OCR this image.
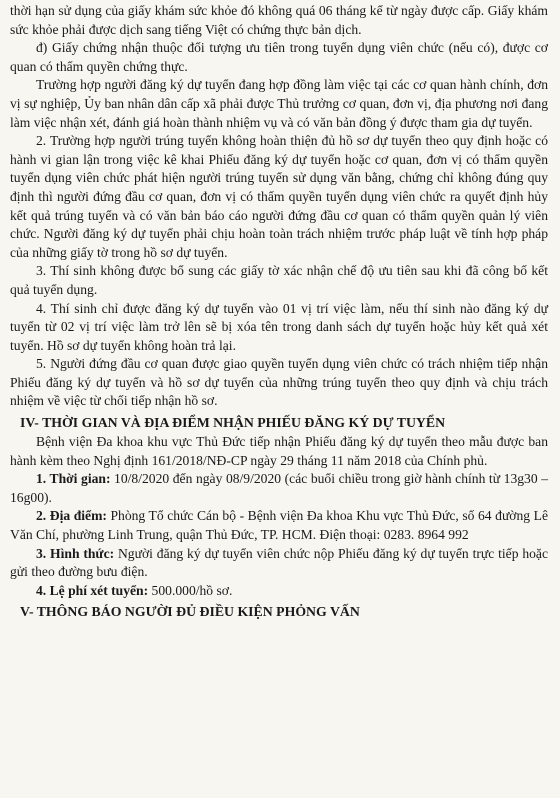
thời hạn sử dụng của giấy khám sức khỏe đó không quá 06 tháng kể từ ngày được cấp. Giấy khám sức khỏe phải được dịch sang tiếng Việt có chứng thực bản dịch.

đ) Giấy chứng nhận thuộc đối tượng ưu tiên trong tuyển dụng viên chức (nếu có), được cơ quan có thẩm quyền chứng thực.

Trường hợp người đăng ký dự tuyển đang hợp đồng làm việc tại các cơ quan hành chính, đơn vị sự nghiệp, Ủy ban nhân dân cấp xã phải được Thủ trưởng cơ quan, đơn vị, địa phương nơi đang làm việc nhận xét, đánh giá hoàn thành nhiệm vụ và có văn bản đồng ý được tham gia dự tuyển.

2. Trường hợp người trúng tuyển không hoàn thiện đủ hồ sơ dự tuyển theo quy định hoặc có hành vi gian lận trong việc kê khai Phiếu đăng ký dự tuyển hoặc cơ quan, đơn vị có thẩm quyền tuyển dụng viên chức phát hiện người trúng tuyển sử dụng văn bằng, chứng chỉ không đúng quy định thì người đứng đầu cơ quan, đơn vị có thẩm quyền tuyển dụng viên chức ra quyết định hủy kết quả trúng tuyển và có văn bản báo cáo người đứng đầu cơ quan có thẩm quyền quản lý viên chức. Người đăng ký dự tuyển phải chịu hoàn toàn trách nhiệm trước pháp luật về tính hợp pháp của những giấy tờ trong hồ sơ dự tuyển.

3. Thí sinh không được bổ sung các giấy tờ xác nhận chế độ ưu tiên sau khi đã công bố kết quả tuyển dụng.

4. Thí sinh chỉ được đăng ký dự tuyển vào 01 vị trí việc làm, nếu thí sinh nào đăng ký dự tuyển từ 02 vị trí việc làm trở lên sẽ bị xóa tên trong danh sách dự tuyển hoặc hủy kết quả xét tuyển. Hồ sơ dự tuyển không hoàn trả lại.

5. Người đứng đầu cơ quan được giao quyền tuyển dụng viên chức có trách nhiệm tiếp nhận Phiếu đăng ký dự tuyển và hồ sơ dự tuyển của những trúng tuyển theo quy định và chịu trách nhiệm về việc từ chối tiếp nhận hồ sơ.

IV- THỜI GIAN VÀ ĐỊA ĐIỂM NHẬN PHIẾU ĐĂNG KÝ DỰ TUYỂN

Bệnh viện Đa khoa khu vực Thủ Đức tiếp nhận Phiếu đăng ký dự tuyển theo mẫu được ban hành kèm theo Nghị định 161/2018/NĐ-CP ngày 29 tháng 11 năm 2018 của Chính phủ.

1. Thời gian: 10/8/2020 đến ngày 08/9/2020 (các buổi chiều trong giờ hành chính từ 13g30 – 16g00).

2. Địa điểm: Phòng Tổ chức Cán bộ - Bệnh viện Đa khoa Khu vực Thủ Đức, số 64 đường Lê Văn Chí, phường Linh Trung, quận Thủ Đức, TP. HCM. Điện thoại: 0283. 8964 992

3. Hình thức: Người đăng ký dự tuyển viên chức nộp Phiếu đăng ký dự tuyển trực tiếp hoặc gửi theo đường bưu điện.

4. Lệ phí xét tuyển: 500.000/hồ sơ.

V- THÔNG BÁO NGƯỜI ĐỦ ĐIỀU KIỆN PHỎNG VẤN
